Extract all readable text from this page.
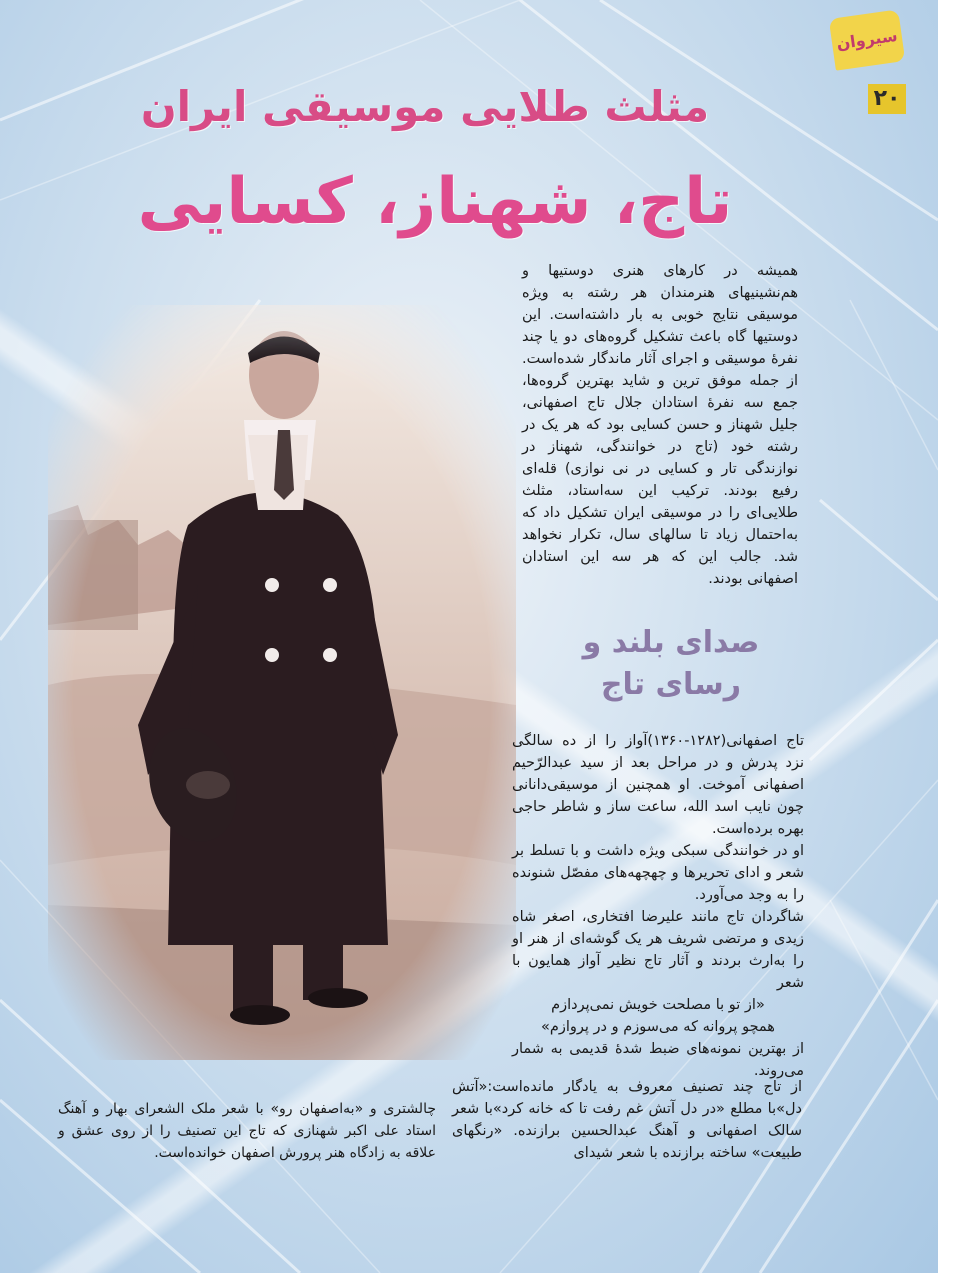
سیروان
۲۰
مثلث طلایی موسیقی ایران
تاج، شهناز، کسایی

همیشه در کارهای هنری دوستیها و هم‌نشینیهای هنرمندان هر رشته به ویژه موسیقی نتایج خوبی به بار داشته‌است. این دوستیها گاه باعث تشکیل گروه‌های دو یا چند نفرهٔ موسیقی و اجرای آثار ماندگار شده‌است. از جمله موفق ترین و شاید بهترین گروه‌ها، جمع سه نفرهٔ استادان جلال تاج اصفهانی، جلیل شهناز و حسن کسایی بود که هر یک در رشته خود (تاج در خوانندگی، شهناز در نوازندگی تار و کسایی در نی نوازی) قله‌ای رفیع بودند. ترکیب این سه‌استاد، مثلث طلایی‌ای را در موسیقی ایران تشکیل داد که به‌احتمال زیاد تا سالهای سال، تکرار نخواهد شد. جالب این که هر سه این استادان اصفهانی بودند.

صدای بلند و
رسای تاج

تاج اصفهانی(۱۲۸۲-۱۳۶۰)آواز را از ده سالگی نزد پدرش و در مراحل بعد از سید عبدالرّحیم اصفهانی آموخت. او همچنین از موسیقی‌دانانی چون نایب اسد الله، ساعت ساز و شاطر حاجی بهره برده‌است.

او در خوانندگی سبکی ویژه داشت و با تسلط بر شعر و ادای تحریرها و چهچهه‌های مفصّل شنونده را به وجد می‌آورد.

شاگردان تاج مانند علیرضا افتخاری، اصغر شاه زیدی و مرتضی شریف هر یک گوشه‌ای از هنر او را به‌ارث بردند و آثار تاج نظیر آواز همایون با شعر

«از تو با مصلحت خویش نمی‌پردازم

همچو پروانه که می‌سوزم و در پروازم»

از بهترین نمونه‌های ضبط شدهٔ قدیمی به شمار می‌روند.

از تاج چند تصنیف معروف به یادگار مانده‌است:«آتش دل»با مطلع «در دل آتش غم رفت تا که خانه کرد»با شعر سالک اصفهانی و آهنگ عبدالحسین برازنده. «رنگهای طبیعت» ساخته برازنده با شعر شیدای

چالشتری و «به‌اصفهان رو» با شعر ملک الشعرای بهار و آهنگ استاد علی اکبر شهنازی که تاج این تصنیف را از روی عشق و علاقه به زادگاه هنر پرورش اصفهان خوانده‌است.
